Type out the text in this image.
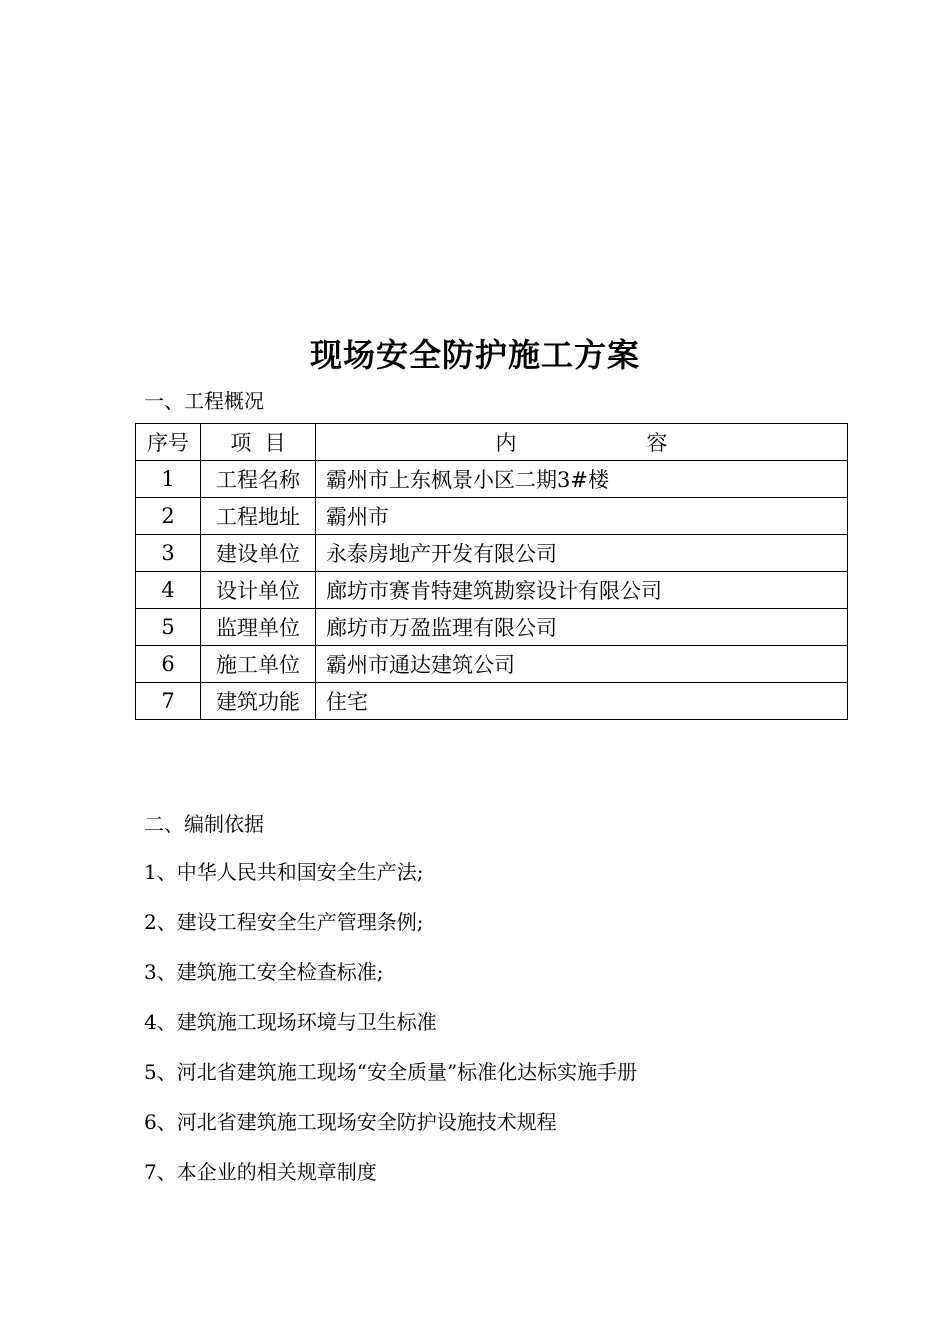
现场安全防护施工方案
一、工程概况
序号	项  目	内 容
1	工程名称	霸州市上东枫景小区二期3#楼
2	工程地址	霸州市
3	建设单位	永泰房地产开发有限公司
4	设计单位	廊坊市赛肯特建筑勘察设计有限公司
5	监理单位	廊坊市万盈监理有限公司
6	施工单位	霸州市通达建筑公司
7	建筑功能	住宅
二、编制依据
1、中华人民共和国安全生产法;
2、建设工程安全生产管理条例;
3、建筑施工安全检查标准;
4、建筑施工现场环境与卫生标准
5、河北省建筑施工现场“安全质量”标准化达标实施手册
6、河北省建筑施工现场安全防护设施技术规程
7、本企业的相关规章制度
